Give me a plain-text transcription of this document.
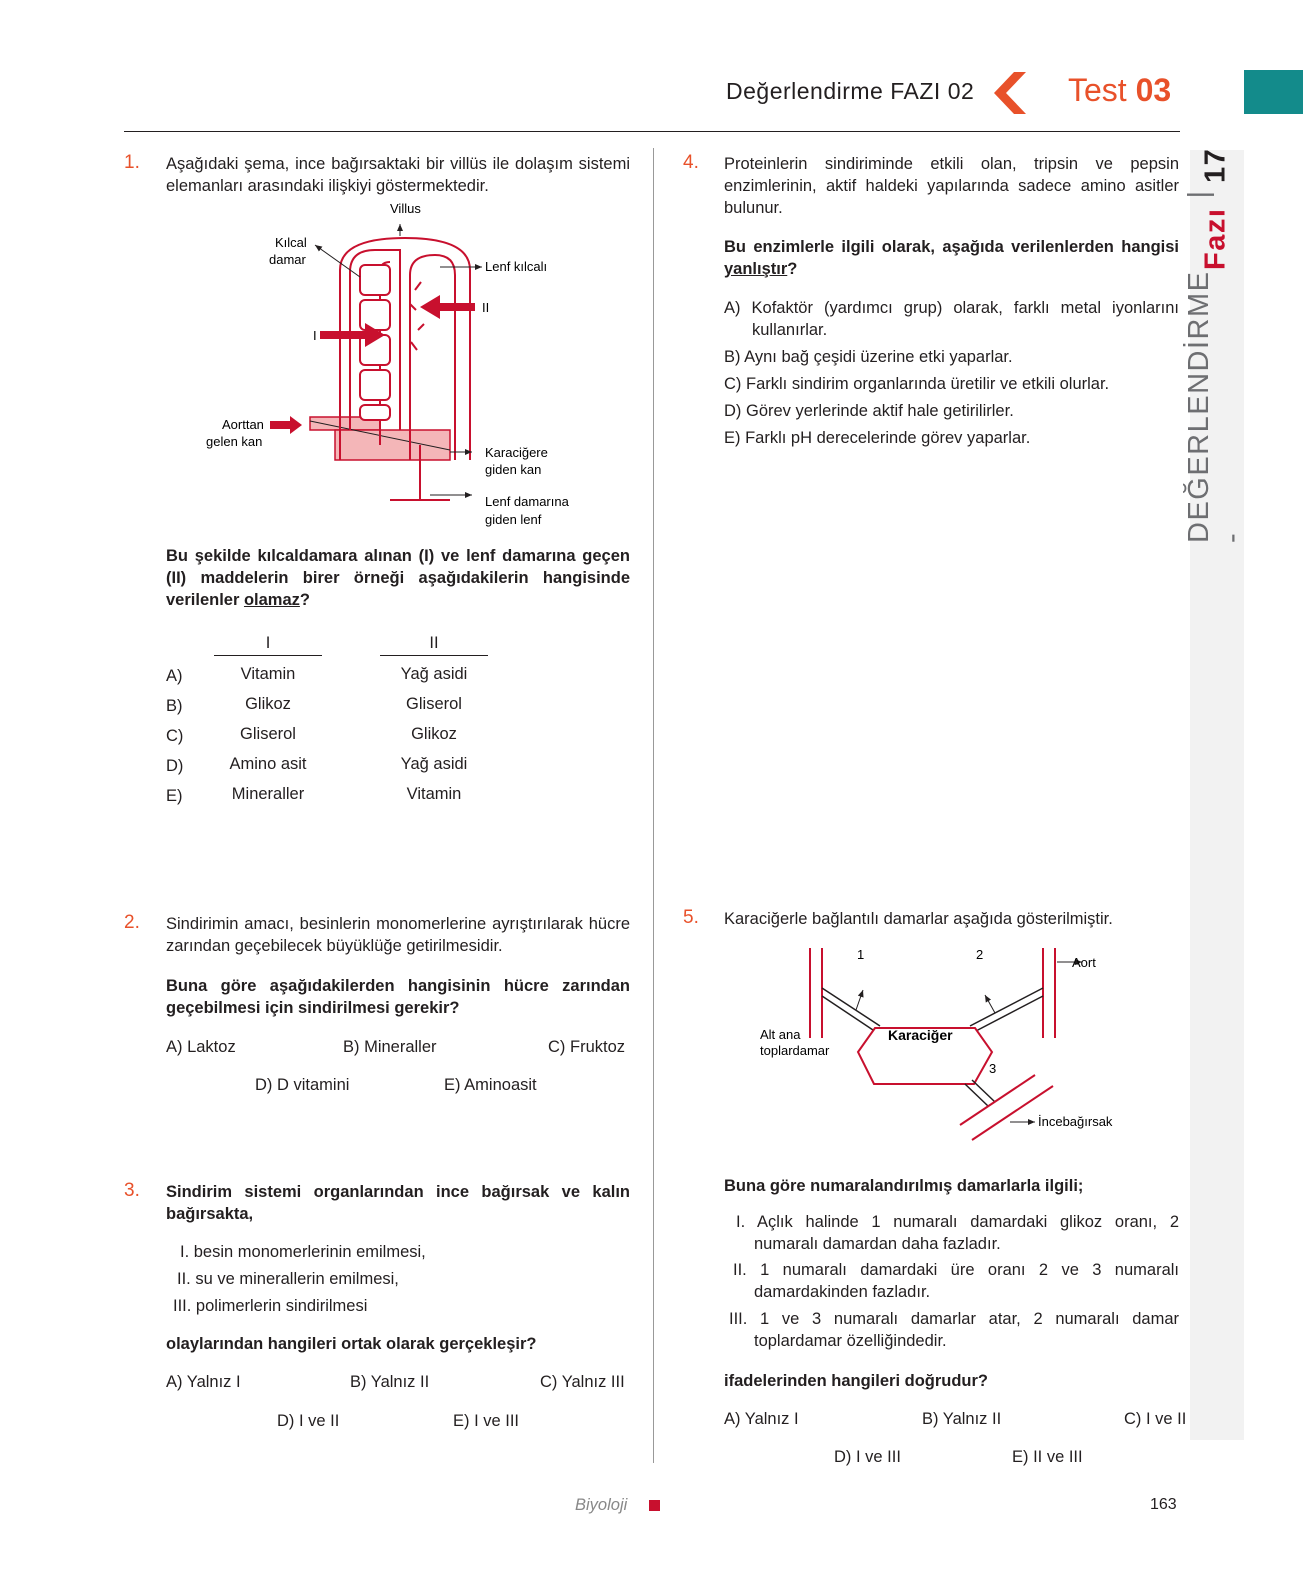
Değerlendirme FAZI 02	Test 03
DEĞERLENDİRME -
Fazı
|
17
1. Aşağıdaki şema, ince bağırsaktaki bir villüs ile dolaşım sistemi elemanları arasındaki ilişkiyi göstermektedir.
Villus
Kılcal
damar	Lenf kılcalı
I
II
Aorttan
gelen kan
Karaciğere
giden kan
Lenf damarına
giden lenf
Bu şekilde kılcaldamara alınan (I) ve lenf damarına geçen (II) maddelerin birer örneği aşağıdakilerin hangisinde verilenler olamaz?
I	II
A)	Vitamin	Yağ asidi
B)	Glikoz	Gliserol
C)	Gliserol	Glikoz
D)	Amino asit	Yağ asidi
E)	Mineraller	Vitamin
2. Sindirimin amacı, besinlerin monomerlerine ayrıştırılarak hücre zarından geçebilecek büyüklüğe getirilmesidir.
Buna göre aşağıdakilerden hangisinin hücre zarından geçebilmesi için sindirilmesi gerekir?
A) Laktoz	B) Mineraller	C) Fruktoz
D) D vitamini	E) Aminoasit
3. Sindirim sistemi organlarından ince bağırsak ve kalın bağırsakta,
I. besin monomerlerinin emilmesi,
II. su ve minerallerin emilmesi,
III. polimerlerin sindirilmesi
olaylarından hangileri ortak olarak gerçekleşir?
A) Yalnız I	B) Yalnız II	C) Yalnız III
D) I ve II	E) I ve III
4. Proteinlerin sindiriminde etkili olan, tripsin ve pepsin enzimlerinin, aktif haldeki yapılarında sadece amino asitler bulunur.
Bu enzimlerle ilgili olarak, aşağıda verilenlerden hangisi yanlıştır?
A) Kofaktör (yardımcı grup) olarak, farklı metal iyonlarını kullanırlar.
B) Aynı bağ çeşidi üzerine etki yaparlar.
C) Farklı sindirim organlarında üretilir ve etkili olurlar.
D) Görev yerlerinde aktif hale getirilirler.
E) Farklı pH derecelerinde görev yaparlar.
5. Karaciğerle bağlantılı damarlar aşağıda gösterilmiştir.
Aort
1	2
3
Alt ana
toplardamar
Karaciğer
İncebağırsak
Buna göre numaralandırılmış damarlarla ilgili;
I. Açlık halinde 1 numaralı damardaki glikoz oranı, 2 numaralı damardan daha fazladır.
II. 1 numaralı damardaki üre oranı 2 ve 3 numaralı damardakinden fazladır.
III. 1 ve 3 numaralı damarlar atar, 2 numaralı damar toplardamar özelliğindedir.
ifadelerinden hangileri doğrudur?
A) Yalnız I	B) Yalnız II	C) I ve II
D) I ve III	E) II ve III
Biyoloji	163
